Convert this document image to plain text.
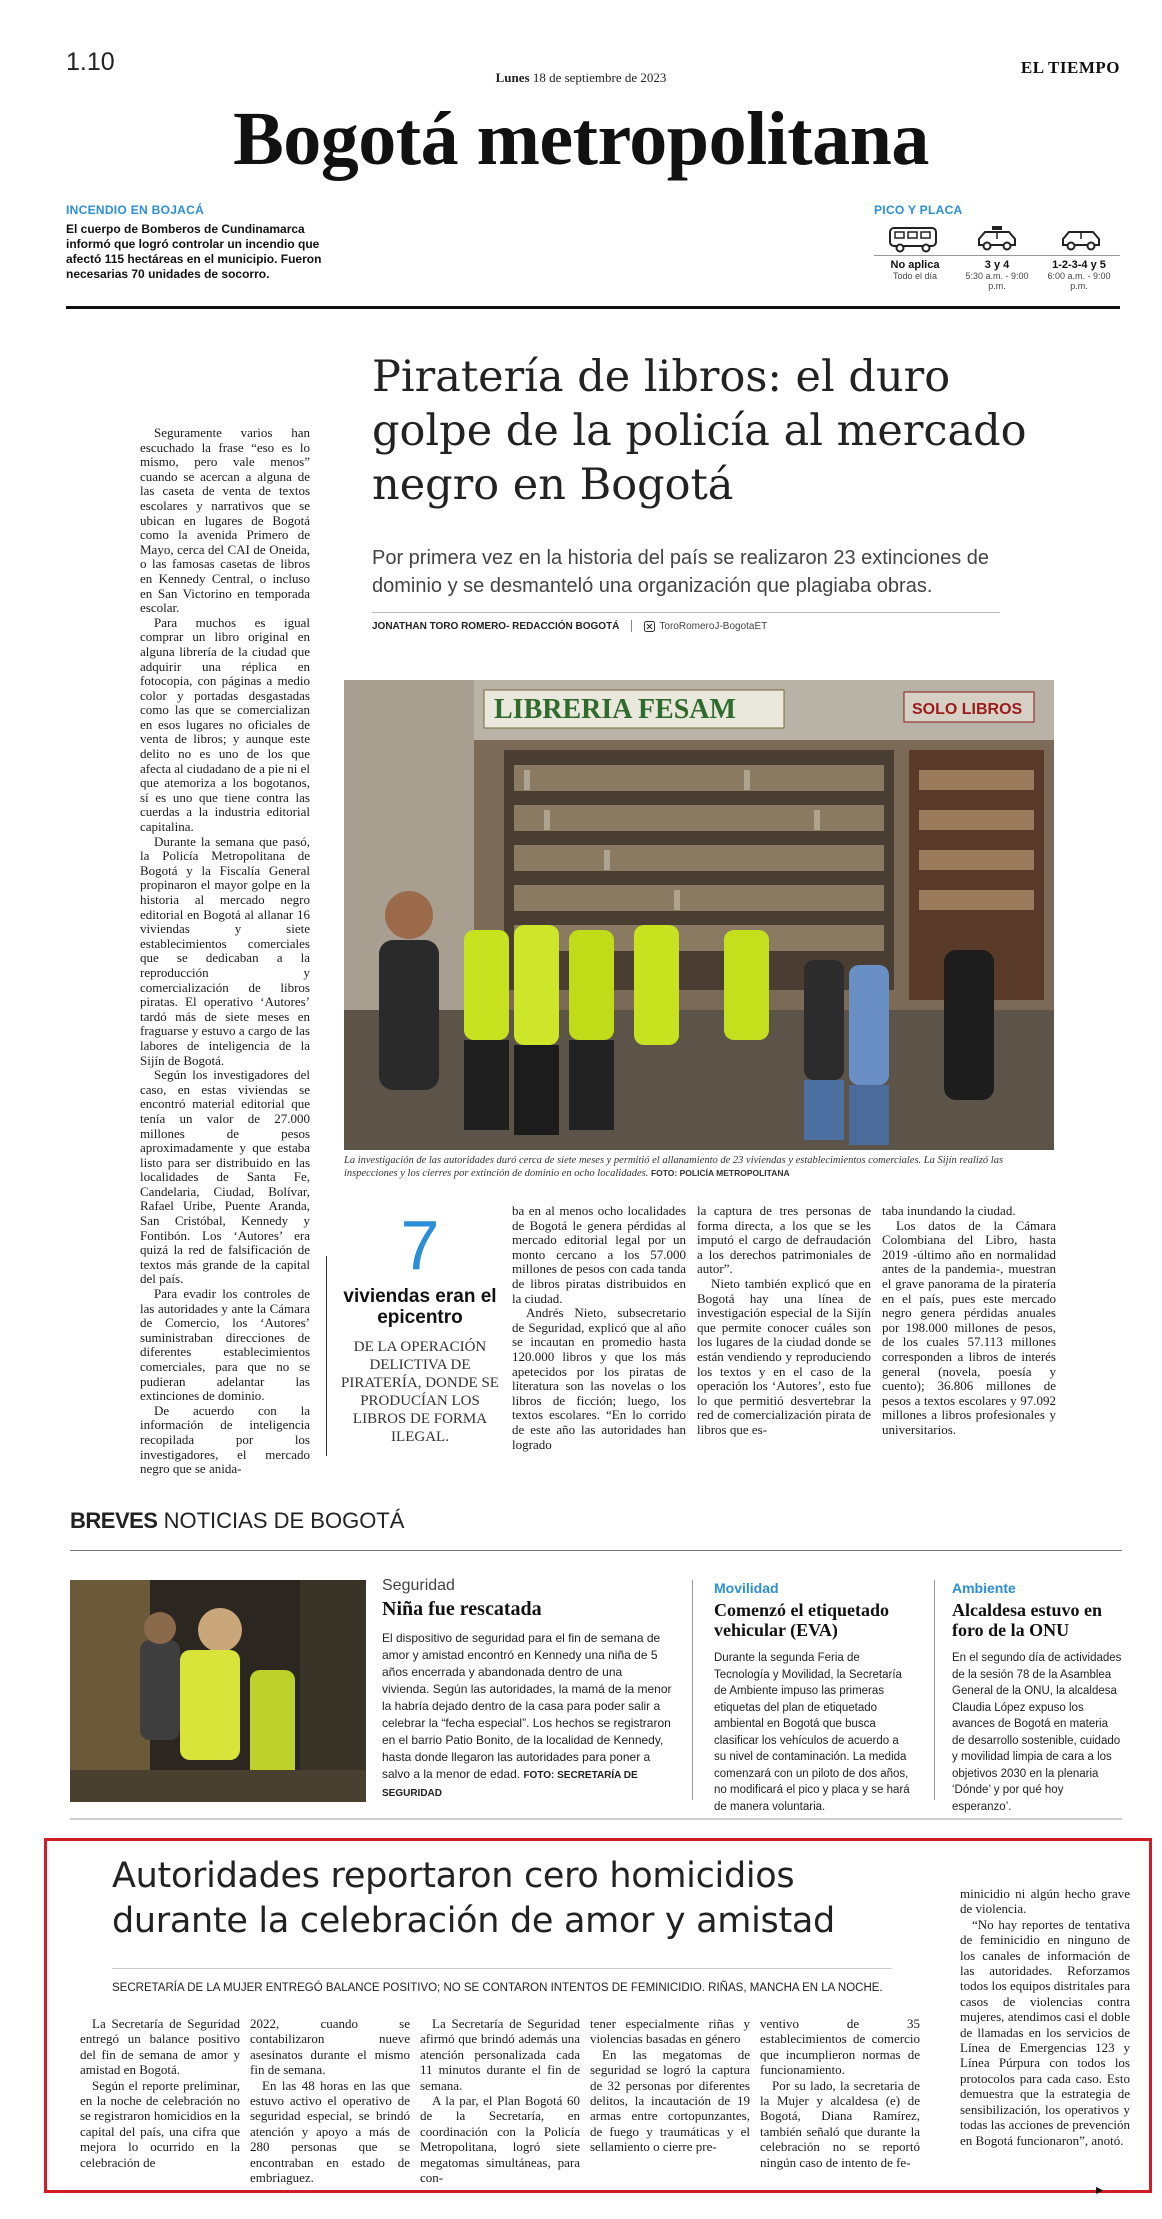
1.10
Lunes 18 de septiembre de 2023
EL TIEMPO
Bogotá metropolitana
INCENDIO EN BOJACÁ

El cuerpo de Bomberos de Cundinamarca informó que logró controlar un incendio que afectó 115 hectáreas en el municipio. Fueron necesarias 70 unidades de socorro.

PICO Y PLACA
No aplica
Todo el día
3 y 4
5:30 a.m. - 9:00 p.m.
1-2-3-4 y 5
6:00 a.m. - 9:00 p.m.
Piratería de libros: el duro golpe de la policía al mercado negro en Bogotá
Por primera vez en la historia del país se realizaron 23 extinciones de dominio y se desmanteló una organización que plagiaba obras.
JONATHAN TORO ROMERO- REDACCIÓN BOGOTÁ	ToroRomeroJ-BogotaET
LIBRERIA FESAM	SOLO LIBROS
La investigación de las autoridades duró cerca de siete meses y permitió el allanamiento de 23 viviendas y establecimientos comerciales. La Sijín realizó las inspecciones y los cierres por extinción de dominio en ocho localidades. FOTO: POLICÍA METROPOLITANA

Seguramente varios han escuchado la frase “eso es lo mismo, pero vale menos” cuando se acercan a alguna de las caseta de venta de textos escolares y narrativos que se ubican en lugares de Bogotá como la avenida Primero de Mayo, cerca del CAI de Oneida, o las famosas casetas de libros en Kennedy Central, o incluso en San Victorino en temporada escolar.

Para muchos es igual comprar un libro original en alguna librería de la ciudad que adquirir una réplica en fotocopia, con páginas a medio color y portadas desgastadas como las que se comercializan en esos lugares no oficiales de venta de libros; y aunque este delito no es uno de los que afecta al ciudadano de a pie ni el que atemoriza a los bogotanos, sí es uno que tiene contra las cuerdas a la industria editorial capitalina.

Durante la semana que pasó, la Policía Metropolitana de Bogotá y la Fiscalía General propinaron el mayor golpe en la historia al mercado negro editorial en Bogotá al allanar 16 viviendas y siete establecimientos comerciales que se dedicaban a la reproducción y comercialización de libros piratas. El operativo ‘Autores’ tardó más de siete meses en fraguarse y estuvo a cargo de las labores de inteligencia de la Sijín de Bogotá.

Según los investigadores del caso, en estas viviendas se encontró material editorial que tenía un valor de 27.000 millones de pesos aproximadamente y que estaba listo para ser distribuido en las localidades de Santa Fe, Candelaria, Ciudad, Bolívar, Rafael Uribe, Puente Aranda, San Cristóbal, Kennedy y Fontibón. Los ‘Autores’ era quizá la red de falsificación de textos más grande de la capital del país.

Para evadir los controles de las autoridades y ante la Cámara de Comercio, los ‘Autores’ suministraban direcciones de diferentes establecimientos comerciales, para que no se pudieran adelantar las extinciones de dominio.

De acuerdo con la información de inteligencia recopilada por los investigadores, el mercado negro que se anida-

7
viviendas eran el epicentro
DE LA OPERACIÓN DELICTIVA DE PIRATERÍA, DONDE SE PRODUCÍAN LOS LIBROS DE FORMA ILEGAL.

ba en al menos ocho localidades de Bogotá le genera pérdidas al mercado editorial legal por un monto cercano a los 57.000 millones de pesos con cada tanda de libros piratas distribuidos en la ciudad.

Andrés Nieto, subsecretario de Seguridad, explicó que al año se incautan en promedio hasta 120.000 libros y que los más apetecidos por los piratas de literatura son las novelas o los libros de ficción; luego, los textos escolares. “En lo corrido de este año las autoridades han logrado

la captura de tres personas de forma directa, a los que se les imputó el cargo de defraudación a los derechos patrimoniales de autor”.

Nieto también explicó que en Bogotá hay una línea de investigación especial de la Sijín que permite conocer cuáles son los lugares de la ciudad donde se están vendiendo y reproduciendo los textos y en el caso de la operación los ‘Autores’, esto fue lo que permitió desvertebrar la red de comercialización pirata de libros que es-

taba inundando la ciudad.

Los datos de la Cámara Colombiana del Libro, hasta 2019 -último año en normalidad antes de la pandemia-, muestran el grave panorama de la piratería en el país, pues este mercado negro genera pérdidas anuales por 198.000 millones de pesos, de los cuales 57.113 millones corresponden a libros de interés general (novela, poesía y cuento); 36.806 millones de pesos a textos escolares y 97.092 millones a libros profesionales y universitarios.

BREVES NOTICIAS DE BOGOTÁ
Seguridad
Niña fue rescatada
El dispositivo de seguridad para el fin de semana de amor y amistad encontró en Kennedy una niña de 5 años encerrada y abandonada dentro de una vivienda. Según las autoridades, la mamá de la menor la habría dejado dentro de la casa para poder salir a celebrar la “fecha especial”. Los hechos se registraron en el barrio Patio Bonito, de la localidad de Kennedy, hasta donde llegaron las autoridades para poner a salvo a la menor de edad. FOTO: SECRETARÍA DE SEGURIDAD
Movilidad
Comenzó el etiquetado vehicular (EVA)
Durante la segunda Feria de Tecnología y Movilidad, la Secretaría de Ambiente impuso las primeras etiquetas del plan de etiquetado ambiental en Bogotá que busca clasificar los vehículos de acuerdo a su nivel de contaminación. La medida comenzará con un piloto de dos años, no modificará el pico y placa y se hará de manera voluntaria.
Ambiente
Alcaldesa estuvo en foro de la ONU
En el segundo día de actividades de la sesión 78 de la Asamblea General de la ONU, la alcaldesa Claudia López expuso los avances de Bogotá en materia de desarrollo sostenible, cuidado y movilidad limpia de cara a los objetivos 2030 en la plenaria ‘Dónde’ y por qué hoy esperanzo’.
Autoridades reportaron cero homicidios durante la celebración de amor y amistad
SECRETARÍA DE LA MUJER ENTREGÓ BALANCE POSITIVO; NO SE CONTARON INTENTOS DE FEMINICIDIO. RIÑAS, MANCHA EN LA NOCHE.

La Secretaría de Seguridad entregó un balance positivo del fin de semana de amor y amistad en Bogotá.

Según el reporte preliminar, en la noche de celebración no se registraron homicidios en la capital del país, una cifra que mejora lo ocurrido en la celebración de

2022, cuando se contabilizaron nueve asesinatos durante el mismo fin de semana.

En las 48 horas en las que estuvo activo el operativo de seguridad especial, se brindó atención y apoyo a más de 280 personas que se encontraban en estado de embriaguez.

La Secretaría de Seguridad afirmó que brindó además una atención personalizada cada 11 minutos durante el fin de semana.

A la par, el Plan Bogotá 60 de la Secretaría, en coordinación con la Policía Metropolitana, logró siete megatomas simultáneas, para con-

tener especialmente riñas y violencias basadas en género

En las megatomas de seguridad se logró la captura de 32 personas por diferentes delitos, la incautación de 19 armas entre cortopunzantes, de fuego y traumáticas y el sellamiento o cierre pre-

ventivo de 35 establecimientos de comercio que incumplieron normas de funcionamiento.

Por su lado, la secretaria de la Mujer y alcaldesa (e) de Bogotá, Diana Ramírez, también señaló que durante la celebración no se reportó ningún caso de intento de fe-

minicidio ni algún hecho grave de violencia.

“No hay reportes de tentativa de feminicidio en ninguno de los canales de información de las autoridades. Reforzamos todos los equipos distritales para casos de violencias contra mujeres, atendimos casi el doble de llamadas en los servicios de Línea de Emergencias 123 y Línea Púrpura con todos los protocolos para cada caso. Esto demuestra que la estrategia de sensibilización, los operativos y todas las acciones de prevención en Bogotá funcionaron”, anotó.

▸
